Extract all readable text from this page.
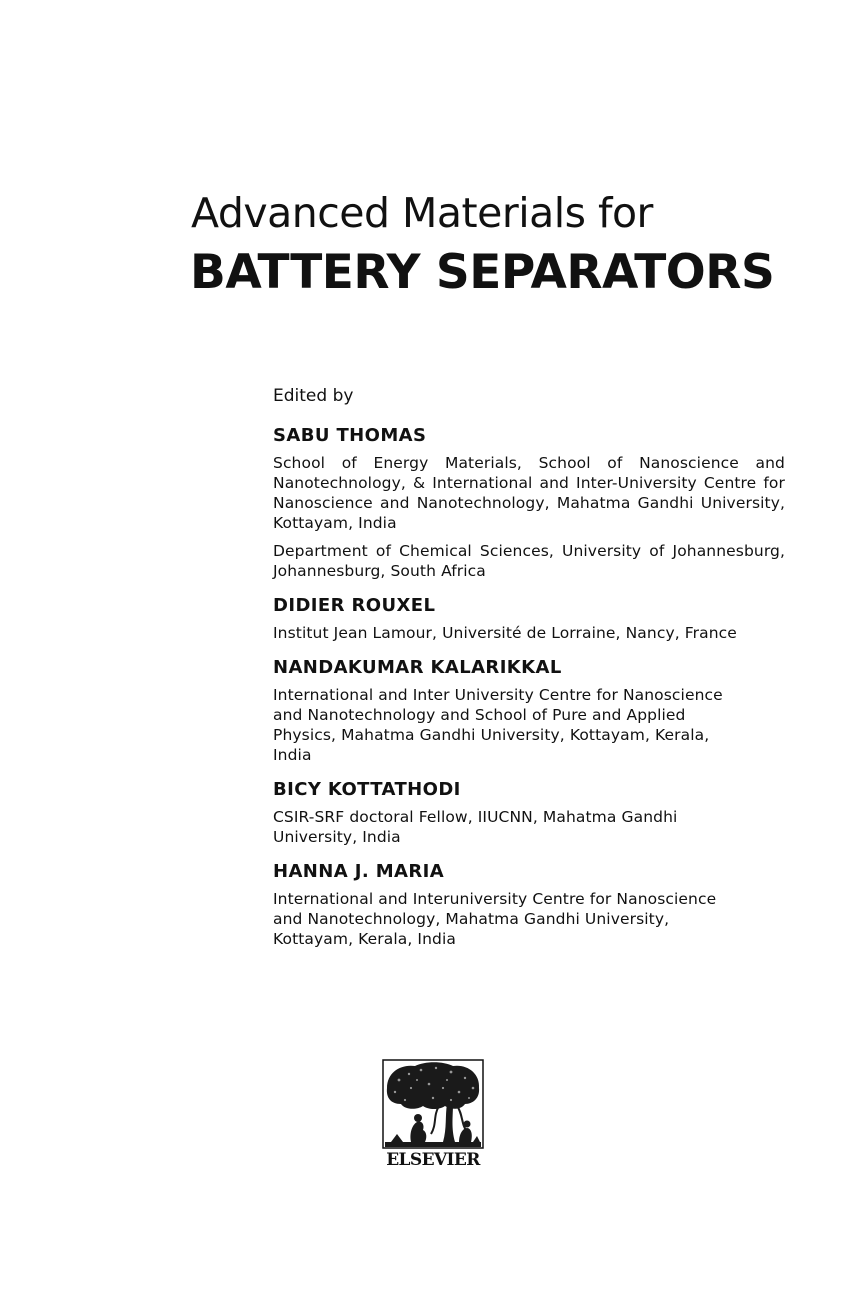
Advanced Materials for
BATTERY SEPARATORS
Edited by
SABU THOMAS
School of Energy Materials, School of Nanoscience and Nanotechnology, & International and Inter-University Centre for Nanoscience and Nanotechnology, Mahatma Gandhi University, Kottayam, India
Department of Chemical Sciences, University of Johannesburg, Johannesburg, South Africa
DIDIER ROUXEL
Institut Jean Lamour, Université de Lorraine, Nancy, France
NANDAKUMAR KALARIKKAL
International and Inter University Centre for Nanoscience and Nanotechnology and School of Pure and Applied Physics, Mahatma Gandhi University, Kottayam, Kerala, India
BICY KOTTATHODI
CSIR-SRF doctoral Fellow, IIUCNN, Mahatma Gandhi University, India
HANNA J. MARIA
International and Interuniversity Centre for Nanoscience and Nanotechnology, Mahatma Gandhi University, Kottayam, Kerala, India
ELSEVIER
